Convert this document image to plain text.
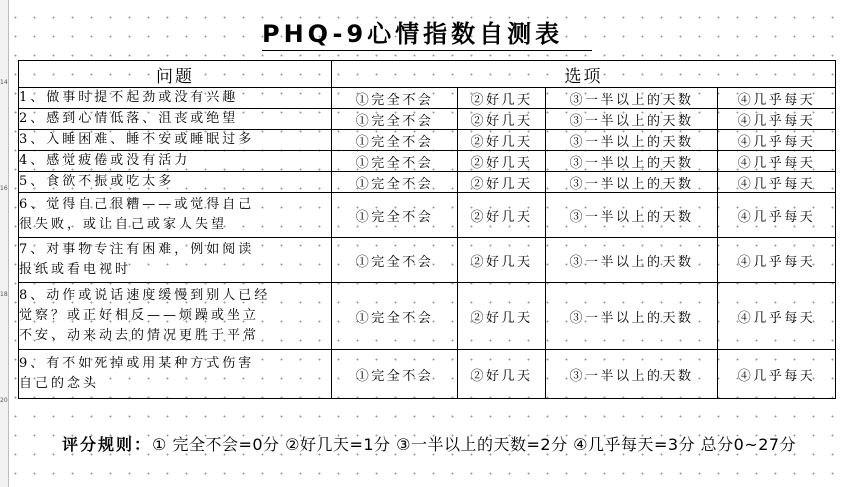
14
16
18
20
PHQ-9心情指数自测表
问题	选项			

1、做事时提不起劲或没有兴趣	①完全不会	②好几天	③一半以上的天数	④几乎每天

2、感到心情低落、沮丧或绝望	①完全不会	②好几天	③一半以上的天数	④几乎每天

3、入睡困难、睡不安或睡眠过多	①完全不会	②好几天	③一半以上的天数	④几乎每天

4、感觉疲倦或没有活力	①完全不会	②好几天	③一半以上的天数	④几乎每天

5、食欲不振或吃太多	①完全不会	②好几天	③一半以上的天数	④几乎每天

6、觉得自己很糟——或觉得自己
很失败，或让自己或家人失望	①完全不会	②好几天	③一半以上的天数	④几乎每天

7、对事物专注有困难，例如阅读
报纸或看电视时	①完全不会	②好几天	③一半以上的天数	④几乎每天

8、动作或说话速度缓慢到别人已经
觉察？或正好相反——烦躁或坐立
不安、动来动去的情况更胜于平常	①完全不会	②好几天	③一半以上的天数	④几乎每天

9、有不如死掉或用某种方式伤害
自己的念头	①完全不会	②好几天	③一半以上的天数	④几乎每天
评分规则：① 完全不会=0分 ②好几天=1分 ③一半以上的天数=2分 ④几乎每天=3分 总分0~27分
